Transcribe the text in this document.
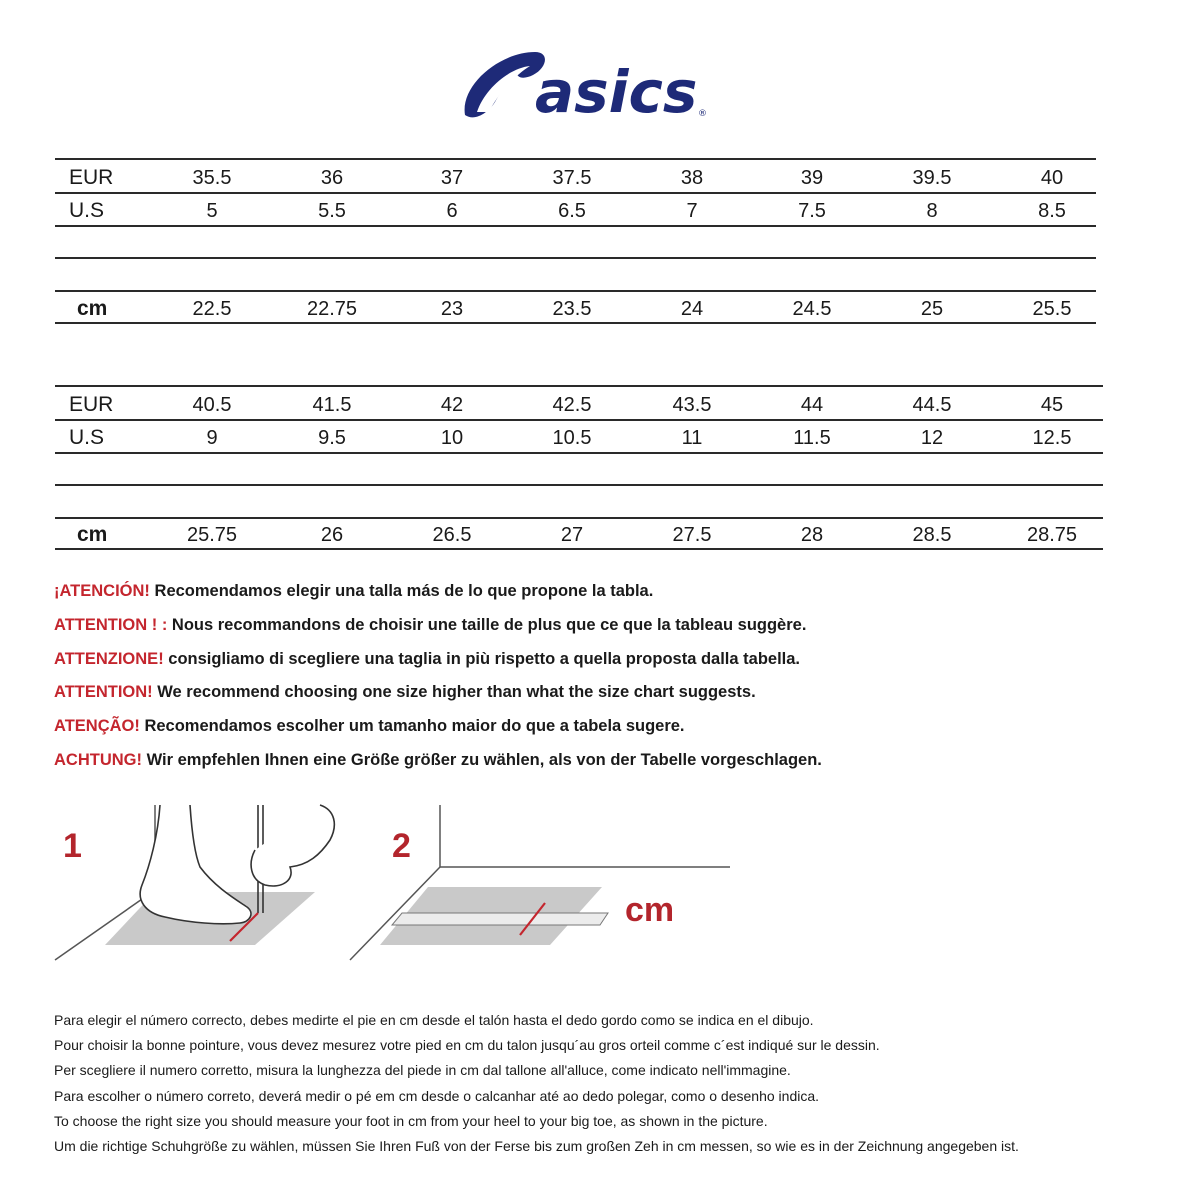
asics ®
EUR	35.5	36	37	37.5	38	39	39.5	40
U.S	5	5.5	6	6.5	7	7.5	8	8.5
cm	22.5	22.75	23	23.5	24	24.5	25	25.5
EUR	40.5	41.5	42	42.5	43.5	44	44.5	45
U.S	9	9.5	10	10.5	11	11.5	12	12.5
cm	25.75	26	26.5	27	27.5	28	28.5	28.75
¡ATENCIÓN! Recomendamos elegir una talla más de lo que propone la tabla.
ATTENTION ! : Nous recommandons de choisir une taille de plus que ce que la tableau suggère.
ATTENZIONE! consigliamo di scegliere una taglia in più rispetto a quella proposta dalla tabella.
ATTENTION! We recommend choosing one size higher than what the size chart suggests.
ATENÇÃO! Recomendamos escolher um tamanho maior do que a tabela sugere.
ACHTUNG! Wir empfehlen Ihnen eine Größe größer zu wählen, als von der Tabelle vorgeschlagen.
1	2
cm
Para elegir el número correcto, debes medirte el pie en cm desde el talón hasta el dedo gordo como se indica en el dibujo.
Pour choisir la bonne pointure, vous devez mesurez votre pied en cm du talon jusqu´au gros orteil comme c´est indiqué sur le dessin.
Per scegliere il numero corretto, misura la lunghezza del piede in cm dal tallone all'alluce, come indicato nell'immagine.
Para escolher o número correto, deverá medir o pé em cm desde o calcanhar até ao dedo polegar, como o desenho indica.
To choose the right size you should measure your foot in cm from your heel to your big toe, as shown in the picture.
Um die richtige Schuhgröße zu wählen, müssen Sie Ihren Fuß von der Ferse bis zum großen Zeh in cm messen, so wie es in der Zeichnung angegeben ist.
